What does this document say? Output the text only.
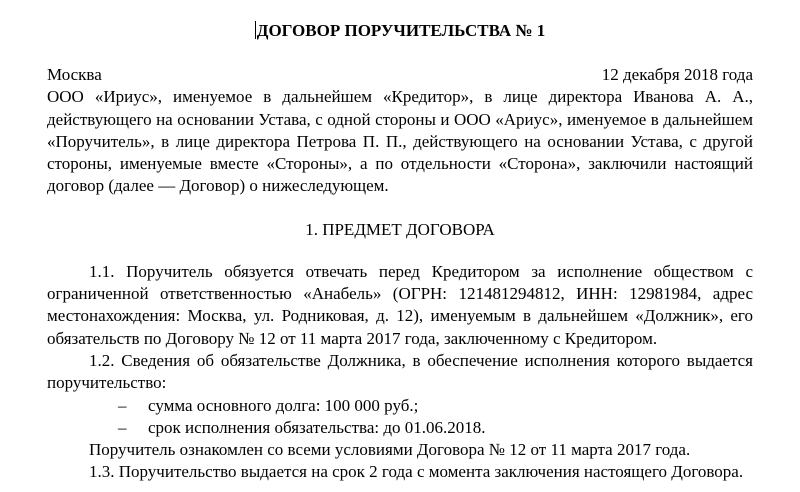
ДОГОВОР ПОРУЧИТЕЛЬСТВА № 1
Москва	12 декабря 2018 года

ООО «Ириус», именуемое в дальнейшем «Кредитор», в лице директора Иванова А. А., действующего на основании Устава, с одной стороны и ООО «Ариус», именуемое в дальнейшем «Поручитель», в лице директора Петрова П. П., действующего на основании Устава, с другой стороны, именуемые вместе «Стороны», а по отдельности «Сторона», заключили настоящий договор (далее — Договор) о нижеследующем.

1. ПРЕДМЕТ ДОГОВОРА

1.1. Поручитель обязуется отвечать перед Кредитором за исполнение обществом с ограниченной ответственностью «Анабель» (ОГРН: 121481294812, ИНН: 12981984, адрес местонахождения: Москва, ул. Родниковая, д. 12), именуемым в дальнейшем «Должник», его обязательств по Договору № 12 от 11 марта 2017 года, заключенному с Кредитором.

1.2. Сведения об обязательстве Должника, в обеспечение исполнения которого выдается поручительство:

–	сумма основного долга: 100 000 руб.;
–	срок исполнения обязательства: до 01.06.2018.

Поручитель ознакомлен со всеми условиями Договора № 12 от 11 марта 2017 года.

1.3. Поручительство выдается на срок 2 года с момента заключения настоящего Договора.
